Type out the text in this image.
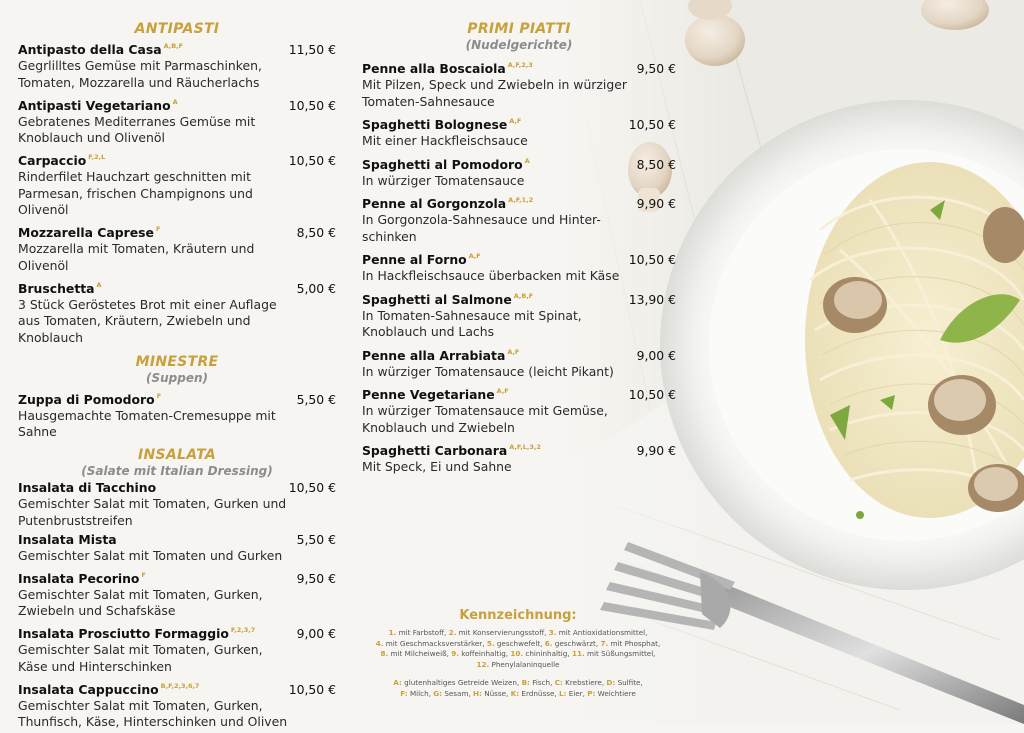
ANTIPASTI
Antipasto della Casa $^{A,B,F}$	11,50 €
Gegrlilltes Gemüse mit Parmaschinken, Tomaten, Mozzarella und Räucherlachs
Antipasti Vegetariano $^A$	10,50 €
Gebratenes Mediterranes Gemüse mit Knoblauch und Olivenöl
Carpaccio $^{F,2,L}$	10,50 €
Rinderfilet Hauchzart geschnitten mit Parmesan, frischen Champignons und Olivenöl
Mozzarella Caprese $^F$	8,50 €
Mozzarella mit Tomaten, Kräutern und Olivenöl
Bruschetta $^A$	5,00 €
3 Stück Geröstetes Brot mit einer Auflage aus Tomaten, Kräutern, Zwiebeln und Knoblauch
MINESTRE
(Suppen)
Zuppa di Pomodoro $^F$	5,50 €
Hausgemachte Tomaten-Cremesuppe mit Sahne
INSALATA
(Salate mit Italian Dressing)
Insalata di Tacchino	10,50 €
Gemischter Salat mit Tomaten, Gurken und Putenbruststreifen
Insalata Mista	5,50 €
Gemischter Salat mit Tomaten und Gurken
Insalata Pecorino $^F$	9,50 €
Gemischter Salat mit Tomaten, Gurken, Zwiebeln und Schafskäse
Insalata Prosciutto Formaggio $^{F,2,3,7}$	9,00 €
Gemischter Salat mit Tomaten, Gurken, Käse und Hinterschinken
Insalata Cappuccino $^{B,F,2,3,6,7}$	10,50 €
Gemischter Salat mit Tomaten, Gurken, Thunfisch, Käse, Hinterschinken und Oliven
PRIMI PIATTI
(Nudelgerichte)
Penne alla Boscaiola $^{A,F,2,3}$	9,50 €
Mit Pilzen, Speck und Zwiebeln in würziger Tomaten-Sahnesauce
Spaghetti Bolognese $^{A,F}$	10,50 €
Mit einer Hackfleischsauce
Spaghetti al Pomodoro $^A$	8,50 €
In würziger Tomatensauce
Penne al Gorgonzola $^{A,F,1,2}$	9,90 €
In Gorgonzola-Sahnesauce und Hinter- schinken
Penne al Forno $^{A,F}$	10,50 €
In Hackfleischsauce überbacken mit Käse
Spaghetti al Salmone $^{A,B,F}$	13,90 €
In Tomaten-Sahnesauce mit Spinat, Knoblauch und Lachs
Penne alla Arrabiata $^{A,F}$	9,00 €
In würziger Tomatensauce (leicht Pikant)
Penne Vegetariane $^{A,F}$	10,50 €
In würziger Tomatensauce mit Gemüse, Knoblauch und Zwiebeln
Spaghetti Carbonara $^{A,F,L,3,2}$	9,90 €
Mit Speck, Ei und Sahne
Kennzeichnung:
1. mit Farbstoff, 2. mit Konservierungsstoff, 3. mit Antioxidationsmittel,
4. mit Geschmacksverstärker, 5. geschwefelt, 6. geschwärzt, 7. mit Phosphat,
8. mit Milcheiweiß, 9. koffeinhaltig, 10. chininhaltig, 11. mit Süßungsmittel,
12. Phenylalaninquelle
A: glutenhaltiges Getreide Weizen, B: Fisch, C: Krebstiere, D: Sulfite,
F: Milch, G: Sesam, H: Nüsse, K: Erdnüsse, L: Eier, P: Weichtiere
